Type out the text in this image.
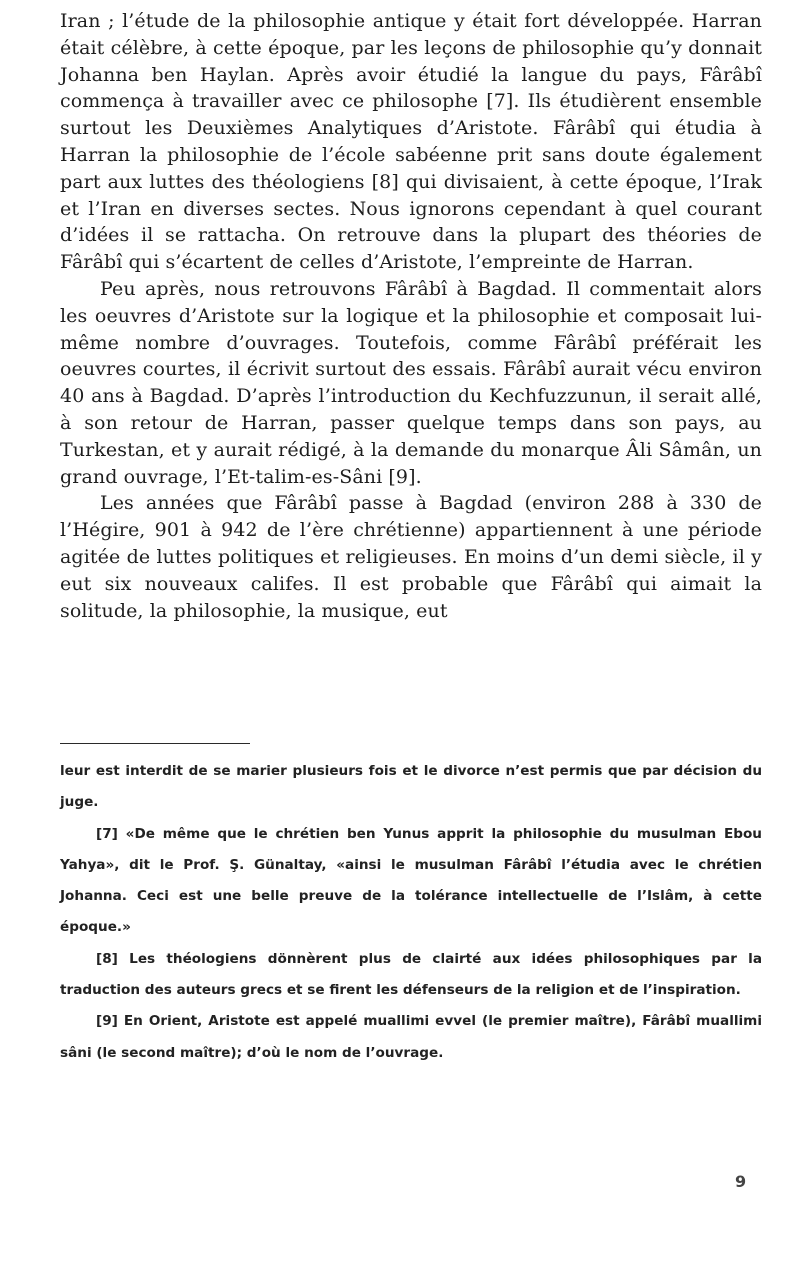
Iran ; l’étude de la philosophie antique y était fort développée. Harran était célèbre, à cette époque, par les leçons de philosophie qu’y donnait Johanna ben Haylan. Après avoir étudié la langue du pays, Fârâbî commença à travailler avec ce philosophe [7]. Ils étudièrent ensemble surtout les Deuxièmes Analytiques d’Aristote. Fârâbî qui étudia à Harran la philosophie de l’école sabéenne prit sans doute également part aux luttes des théologiens [8] qui divisaient, à cette époque, l’Irak et l’Iran en diverses sectes. Nous ignorons cependant à quel courant d’idées il se rattacha. On retrouve dans la plupart des théories de Fârâbî qui s’écartent de celles d’Aristote, l’empreinte de Harran.

Peu après, nous retrouvons Fârâbî à Bagdad. Il commentait alors les oeuvres d’Aristote sur la logique et la philosophie et composait lui-même nombre d’ouvrages. Toutefois, comme Fârâbî préférait les oeuvres courtes, il écrivit surtout des essais. Fârâbî aurait vécu environ 40 ans à Bagdad. D’après l’introduction du Kechfuzzunun, il serait allé, à son retour de Harran, passer quelque temps dans son pays, au Turkestan, et y aurait rédigé, à la demande du monarque Âli Sâmân, un grand ouvrage, l’Et-talim-es-Sâni [9].

Les années que Fârâbî passe à Bagdad (environ 288 à 330 de l’Hégire, 901 à 942 de l’ère chrétienne) appartiennent à une période agitée de luttes politiques et religieuses. En moins d’un demi siècle, il y eut six nouveaux califes. Il est probable que Fârâbî qui aimait la solitude, la philosophie, la musique, eut

leur est interdit de se marier plusieurs fois et le divorce n’est permis que par décision du juge.

[7] «De même que le chrétien ben Yunus apprit la philosophie du musulman Ebou Yahya», dit le Prof. Ş. Günaltay, «ainsi le musulman Fârâbî l’étudia avec le chrétien Johanna. Ceci est une belle preuve de la tolérance intellectuelle de l’Islâm, à cette époque.»

[8] Les théologiens dönnèrent plus de clairté aux idées philosophiques par la traduction des auteurs grecs et se firent les défenseurs de la religion et de l’inspiration.

[9] En Orient, Aristote est appelé muallimi evvel (le premier maître), Fârâbî muallimi sâni (le second maître); d’où le nom de l’ouvrage.

9
